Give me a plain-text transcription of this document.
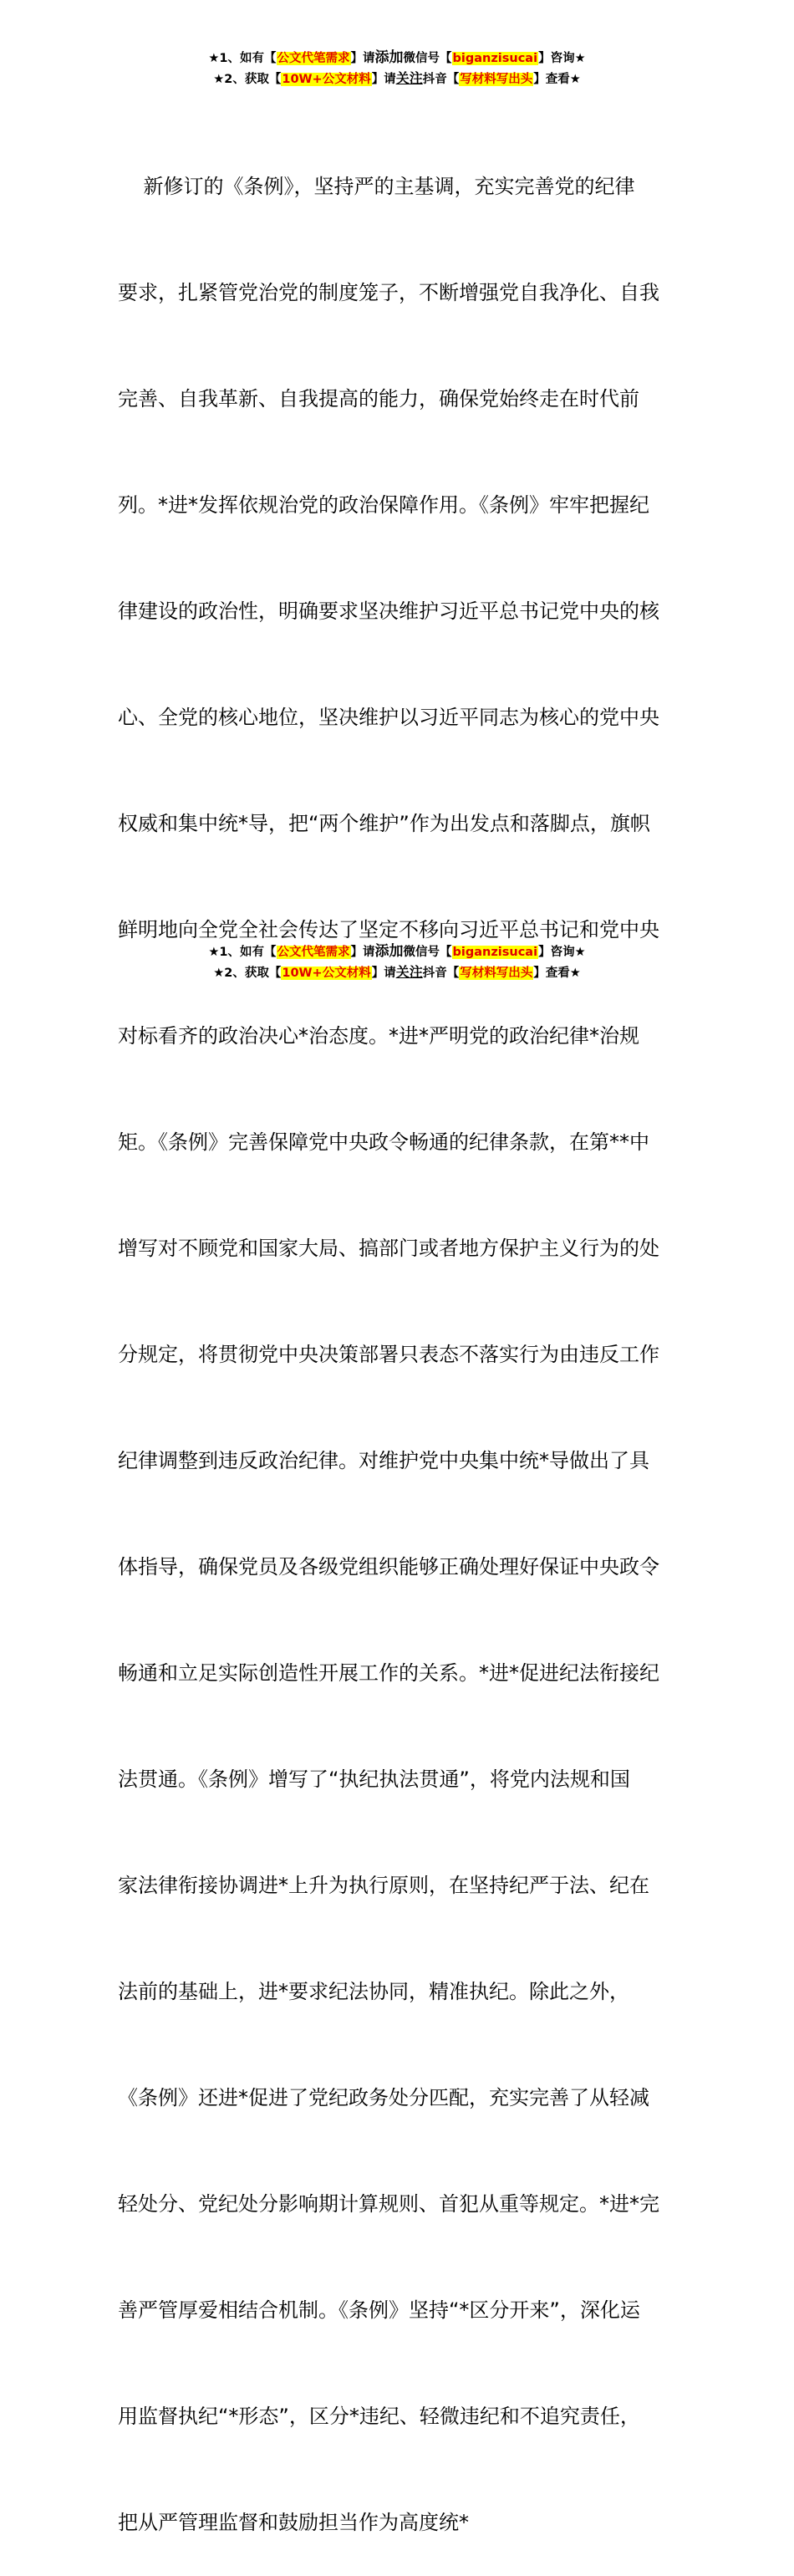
★1、如有【公文代笔需求】请添加微信号【biganzisucai】咨询★
★2、获取【10W+公文材料】请关注抖音【写材料写出头】查看★

新修订的《条例》，坚持严的主基调，充实完善党的纪律

要求，扎紧管党治党的制度笼子，不断增强党自我净化、自我

完善、自我革新、自我提高的能力，确保党始终走在时代前

列。*进*发挥依规治党的政治保障作用。《条例》牢牢把握纪

律建设的政治性，明确要求坚决维护习近平总书记党中央的核

心、全党的核心地位，坚决维护以习近平同志为核心的党中央

权威和集中统*导，把“两个维护”作为出发点和落脚点，旗帜

鲜明地向全党全社会传达了坚定不移向习近平总书记和党中央

对标看齐的政治决心*治态度。*进*严明党的政治纪律*治规

矩。《条例》完善保障党中央政令畅通的纪律条款，在第**中

增写对不顾党和国家大局、搞部门或者地方保护主义行为的处

分规定，将贯彻党中央决策部署只表态不落实行为由违反工作

纪律调整到违反政治纪律。对维护党中央集中统*导做出了具

体指导，确保党员及各级党组织能够正确处理好保证中央政令

畅通和立足实际创造性开展工作的关系。*进*促进纪法衔接纪

法贯通。《条例》增写了“执纪执法贯通”，将党内法规和国

家法律衔接协调进*上升为执行原则，在坚持纪严于法、纪在

法前的基础上，进*要求纪法协同，精准执纪。除此之外，

《条例》还进*促进了党纪政务处分匹配，充实完善了从轻减

轻处分、党纪处分影响期计算规则、首犯从重等规定。*进*完

善严管厚爱相结合机制。《条例》坚持“*区分开来”，深化运

用监督执纪“*形态”，区分*违纪、轻微违纪和不追究责任，

把从严管理监督和鼓励担当作为高度统*

★1、如有【公文代笔需求】请添加微信号【biganzisucai】咨询★
★2、获取【10W+公文材料】请关注抖音【写材料写出头】查看★
